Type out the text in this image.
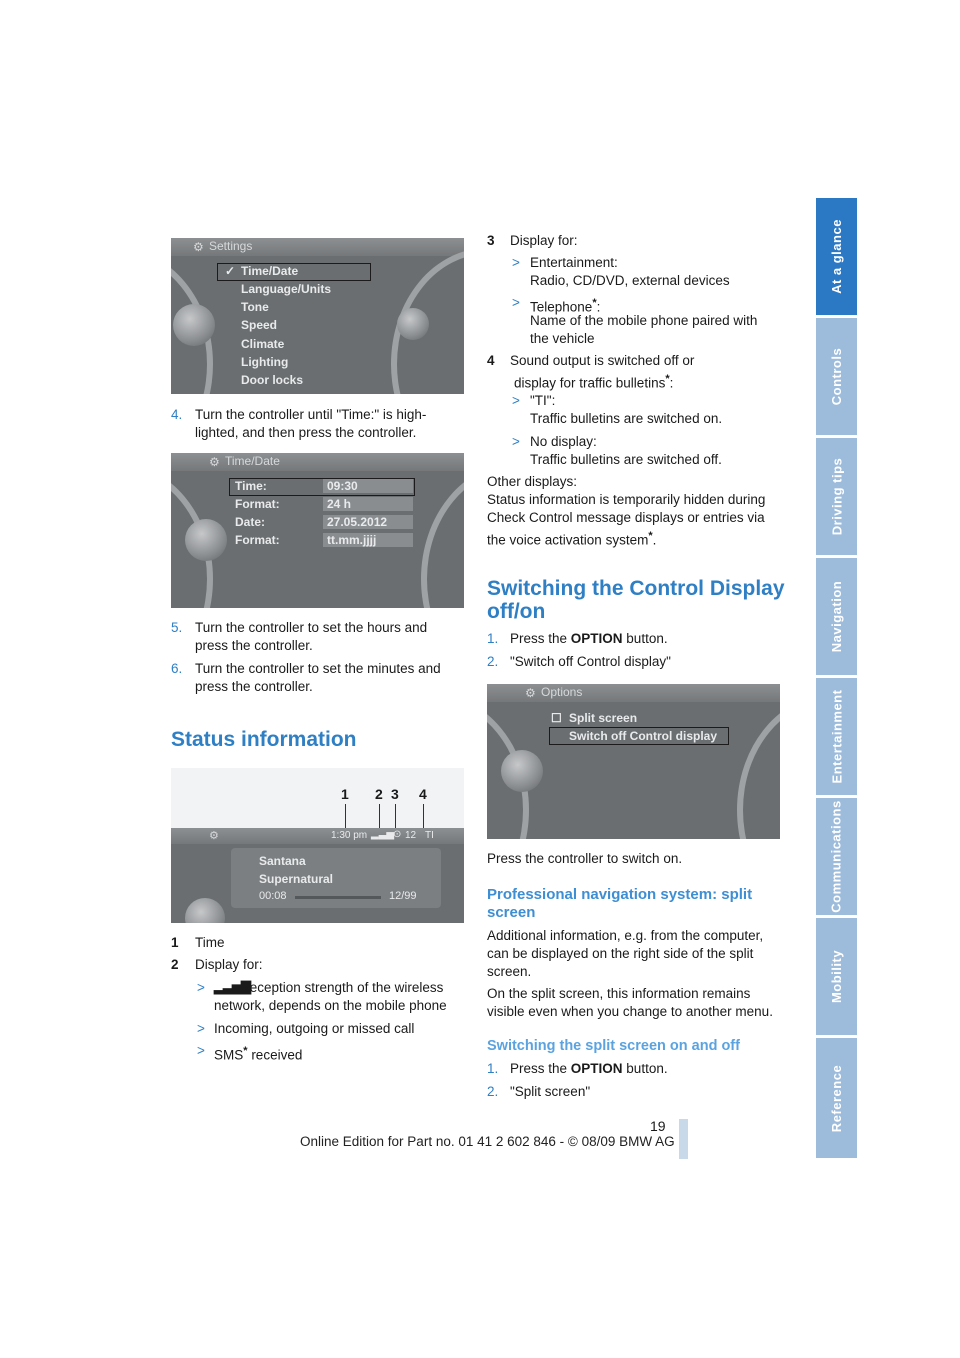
At a glance
Controls
Driving tips
Navigation
Entertainment
Communications
Mobility
Reference
⚙ Settings
✓ Time/Date
Language/Units
Tone
Speed
Climate
Lighting
Door locks
4. Turn the controller until "Time:" is high-
lighted, and then press the controller.
⚙ Time/Date
Time:
Format:
Date:
Format:
09:30
24 h
27.05.2012
tt.mm.jjjj
5. Turn the controller to set the hours and
press the controller.
6. Turn the controller to set the minutes and
press the controller.
Status information
1 2 3 4
⚙	1:30 pm ▂▃▅
⊙ 12 TI
Santana
Supernatural
00:08	12/99
1 Time
2 Display for:
> ▂▃▅▇
Reception strength of the wireless
network, depends on the mobile phone
> Incoming, outgoing or missed call
> SMS* received
3 Display for:
> Entertainment:
Radio, CD/DVD, external devices
> Telephone*:
Name of the mobile phone paired with
the vehicle
4 Sound output is switched off or
display for traffic bulletins*:
> "TI":
Traffic bulletins are switched on.
> No display:
Traffic bulletins are switched off.
Other displays:
Status information is temporarily hidden during
Check Control message displays or entries via
the voice activation system*.
Switching the Control Display
off/on
1. Press the OPTION button.
2. "Switch off Control display"
⚙ Options
☐ Split screen
Switch off Control display
Press the controller to switch on.
Professional navigation system: split
screen
Additional information, e.g. from the computer,
can be displayed on the right side of the split
screen.
On the split screen, this information remains
visible even when you change to another menu.
Switching the split screen on and off
1. Press the OPTION button.
2. "Split screen"
19
Online Edition for Part no. 01 41 2 602 846 - © 08/09 BMW AG
